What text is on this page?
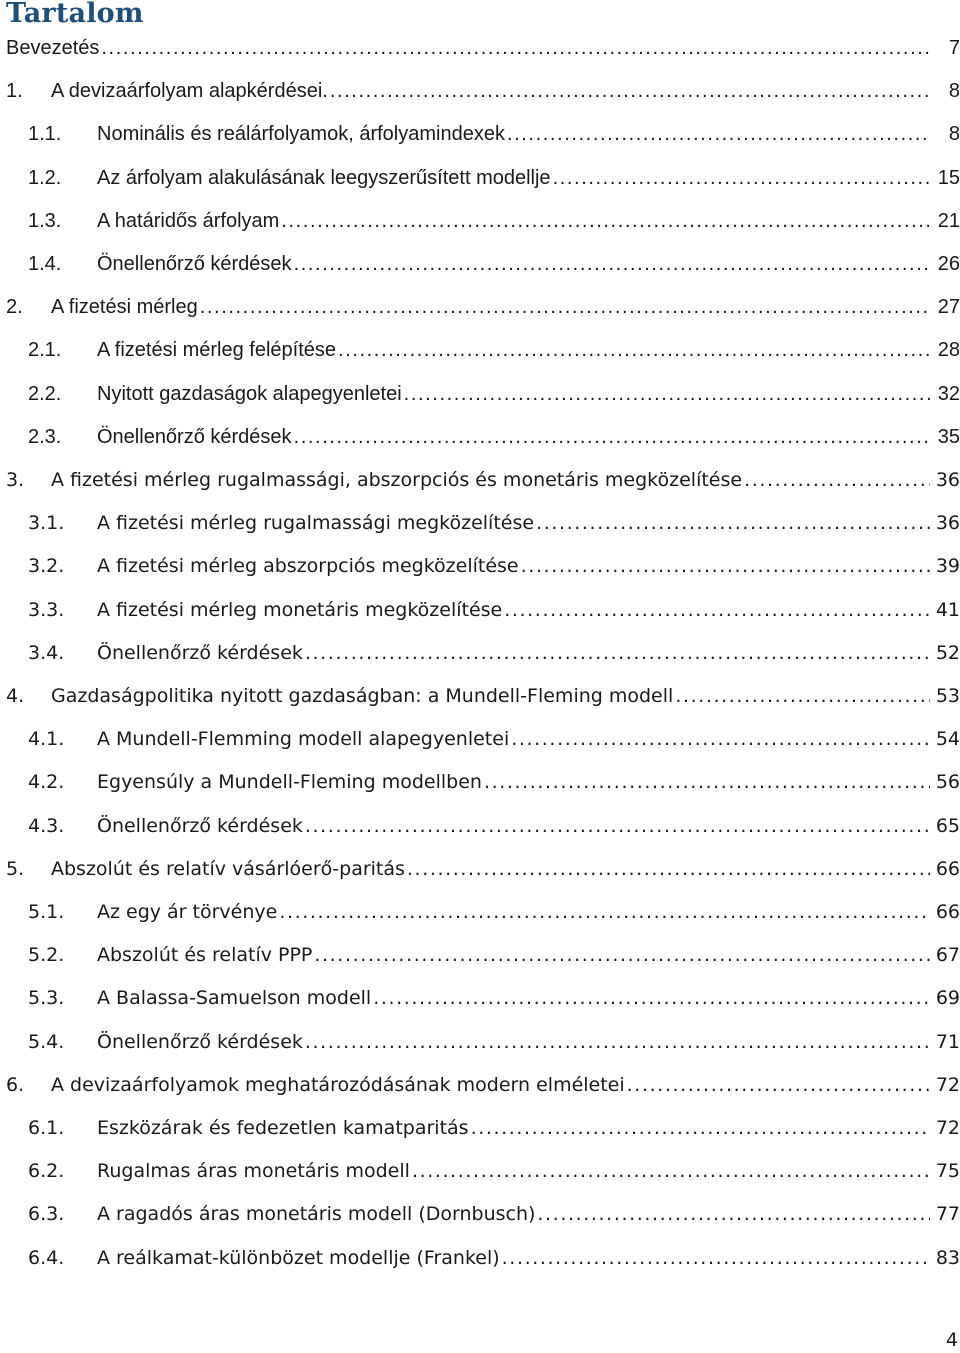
Tartalom
Bevezetés .....	7
1.	A devizaárfolyam alapkérdései. .....	8
1.1.	Nominális és reálárfolyamok, árfolyamindexek .....	8
1.2.	Az árfolyam alakulásának leegyszerűsített modellje .....	15
1.3.	A határidős árfolyam .....	21
1.4.	Önellenőrző kérdések .....	26
2.	A fizetési mérleg .....	27
2.1.	A fizetési mérleg felépítése .....	28
2.2.	Nyitott gazdaságok alapegyenletei .....	32
2.3.	Önellenőrző kérdések .....	35
3.	A fizetési mérleg rugalmassági, abszorpciós és monetáris megközelítése .....	36
3.1.	A fizetési mérleg rugalmassági megközelítése .....	36
3.2.	A fizetési mérleg abszorpciós megközelítése .....	39
3.3.	A fizetési mérleg monetáris megközelítése .....	41
3.4.	Önellenőrző kérdések .....	52
4.	Gazdaságpolitika nyitott gazdaságban: a Mundell-Fleming modell .....	53
4.1.	A Mundell-Flemming modell alapegyenletei .....	54
4.2.	Egyensúly a Mundell-Fleming modellben .....	56
4.3.	Önellenőrző kérdések .....	65
5.	Abszolút és relatív vásárlóerő-paritás .....	66
5.1.	Az egy ár törvénye .....	66
5.2.	Abszolút és relatív PPP .....	67
5.3.	A Balassa-Samuelson modell .....	69
5.4.	Önellenőrző kérdések .....	71
6.	A devizaárfolyamok meghatározódásának modern elméletei .....	72
6.1.	Eszközárak és fedezetlen kamatparitás .....	72
6.2.	Rugalmas áras monetáris modell .....	75
6.3.	A ragadós áras monetáris modell (Dornbusch) .....	77
6.4.	A reálkamat-különbözet modellje (Frankel) .....	83
4
